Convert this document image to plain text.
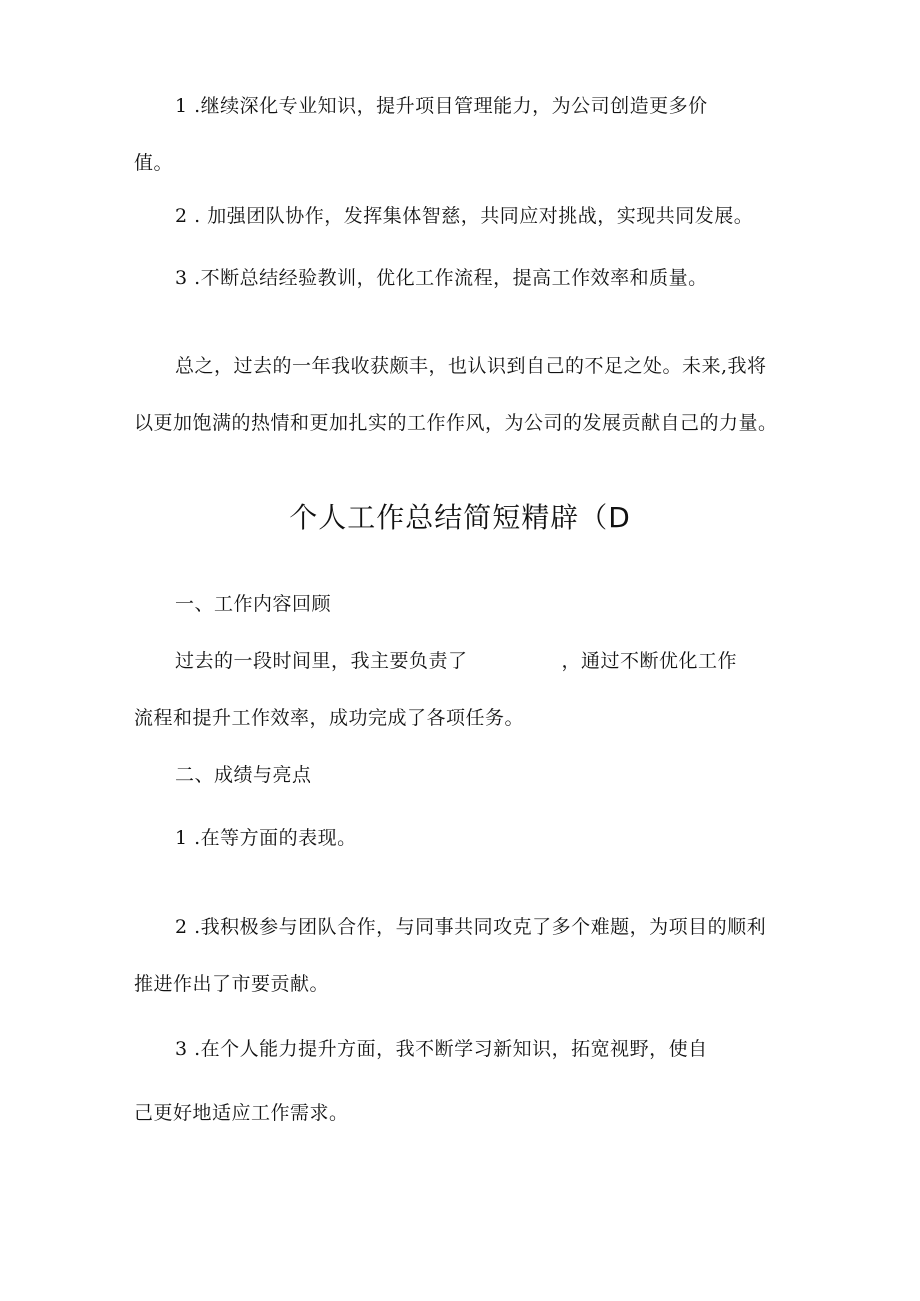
1 .继续深化专业知识，提升项目管理能力，为公司创造更多价
值。
2 . 加强团队协作，发挥集体智慈，共同应对挑战，实现共同发展。
3 .不断总结经验教训，优化工作流程，提高工作效率和质量。
总之，过去的一年我收获颇丰，也认识到自己的不足之处。未来,我将
以更加饱满的热情和更加扎实的工作作风，为公司的发展贡献自己的力量。
个人工作总结简短精辟（D
一、工作内容回顾
过去的一段时间里，我主要负责了	，通过不断优化工作
流程和提升工作效率，成功完成了各项任务。
二、成绩与亮点
1 .在等方面的表现。
2 .我积极参与团队合作，与同事共同攻克了多个难题，为项目的顺利
推进作出了市要贡献。
3 .在个人能力提升方面，我不断学习新知识，拓宽视野，使自
己更好地适应工作需求。
